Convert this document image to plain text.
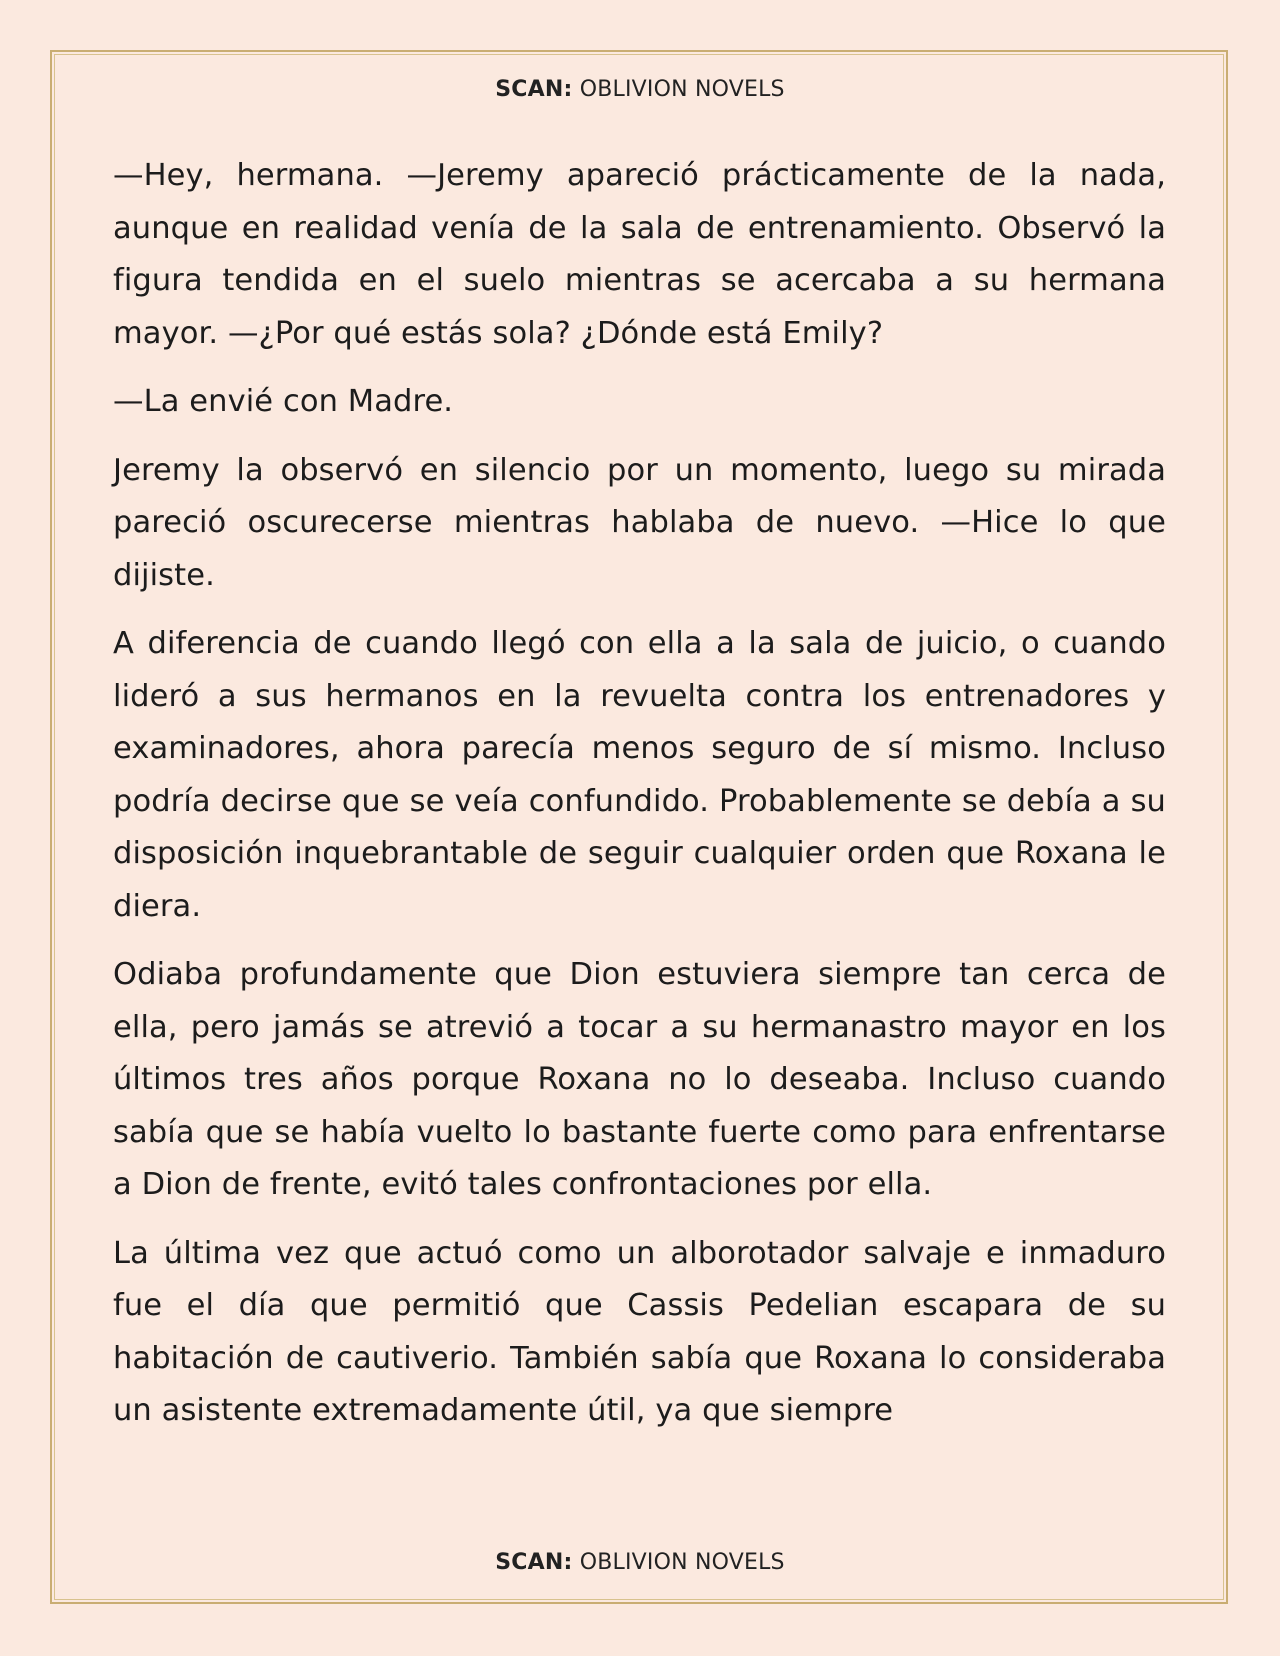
SCAN: OBLIVION NOVELS

—Hey, hermana. —Jeremy apareció prácticamente de la nada, aunque en realidad venía de la sala de entrenamiento. Observó la figura tendida en el suelo mientras se acercaba a su hermana mayor. —¿Por qué estás sola? ¿Dónde está Emily?

—La envié con Madre.

Jeremy la observó en silencio por un momento, luego su mirada pareció oscurecerse mientras hablaba de nuevo. —Hice lo que dijiste.

A diferencia de cuando llegó con ella a la sala de juicio, o cuando lideró a sus hermanos en la revuelta contra los entrenadores y examinadores, ahora parecía menos seguro de sí mismo. Incluso podría decirse que se veía confundido. Probablemente se debía a su disposición inquebrantable de seguir cualquier orden que Roxana le diera.

Odiaba profundamente que Dion estuviera siempre tan cerca de ella, pero jamás se atrevió a tocar a su hermanastro mayor en los últimos tres años porque Roxana no lo deseaba. Incluso cuando sabía que se había vuelto lo bastante fuerte como para enfrentarse a Dion de frente, evitó tales confrontaciones por ella.

La última vez que actuó como un alborotador salvaje e inmaduro fue el día que permitió que Cassis Pedelian escapara de su habitación de cautiverio. También sabía que Roxana lo consideraba un asistente extremadamente útil, ya que siempre

SCAN: OBLIVION NOVELS
